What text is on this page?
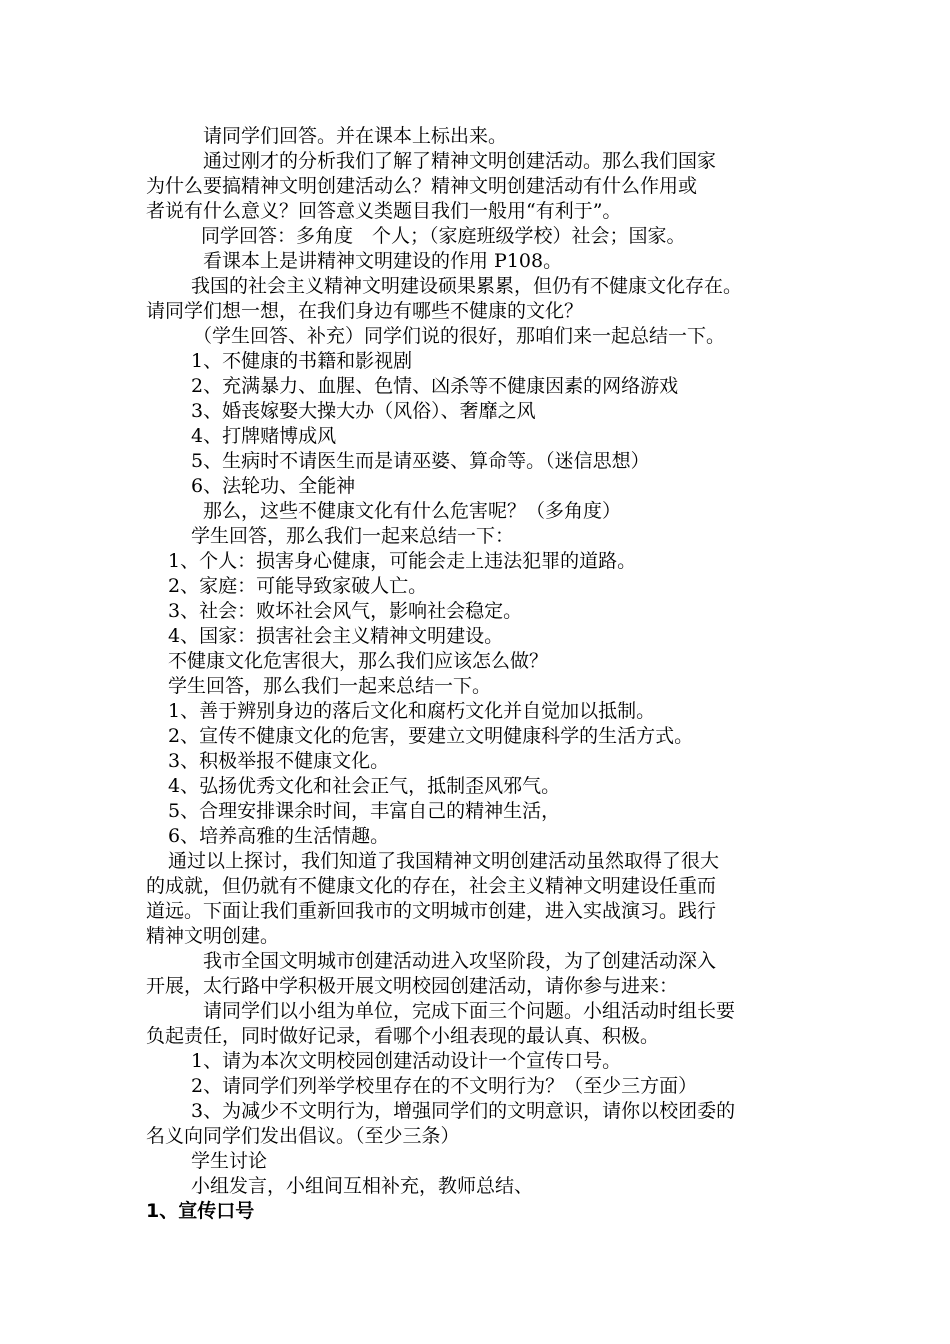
请同学们回答。并在课本上标出来。
通过刚才的分析我们了解了精神文明创建活动。那么我们国家
为什么要搞精神文明创建活动么？精神文明创建活动有什么作用或
者说有什么意义？回答意义类题目我们一般用“有利于”。
同学回答：多角度　个人；（家庭班级学校）社会；国家。
看课本上是讲精神文明建设的作用 P108。
我国的社会主义精神文明建设硕果累累，但仍有不健康文化存在。
请同学们想一想，在我们身边有哪些不健康的文化？
（学生回答、补充）同学们说的很好，那咱们来一起总结一下。
1、不健康的书籍和影视剧
2、充满暴力、血腥、色情、凶杀等不健康因素的网络游戏
3、婚丧嫁娶大操大办（风俗）、奢靡之风
4、打牌赌博成风
5、生病时不请医生而是请巫婆、算命等。（迷信思想）
6、法轮功、全能神
那么，这些不健康文化有什么危害呢？（多角度）
学生回答，那么我们一起来总结一下：
1、个人：损害身心健康，可能会走上违法犯罪的道路。
2、家庭：可能导致家破人亡。
3、社会：败坏社会风气，影响社会稳定。
4、国家：损害社会主义精神文明建设。
不健康文化危害很大，那么我们应该怎么做？
学生回答，那么我们一起来总结一下。
1、善于辨别身边的落后文化和腐朽文化并自觉加以抵制。
2、宣传不健康文化的危害，要建立文明健康科学的生活方式。
3、积极举报不健康文化。
4、弘扬优秀文化和社会正气，抵制歪风邪气。
5、合理安排课余时间，丰富自己的精神生活，
6、培养高雅的生活情趣。
通过以上探讨，我们知道了我国精神文明创建活动虽然取得了很大
的成就，但仍就有不健康文化的存在，社会主义精神文明建设任重而
道远。下面让我们重新回我市的文明城市创建，进入实战演习。践行
精神文明创建。
我市全国文明城市创建活动进入攻坚阶段，为了创建活动深入
开展，太行路中学积极开展文明校园创建活动，请你参与进来：
请同学们以小组为单位，完成下面三个问题。小组活动时组长要
负起责任，同时做好记录，看哪个小组表现的最认真、积极。
1、请为本次文明校园创建活动设计一个宣传口号。
2、请同学们列举学校里存在的不文明行为？（至少三方面）
3、为减少不文明行为，增强同学们的文明意识，请你以校团委的
名义向同学们发出倡议。（至少三条）
学生讨论
小组发言，小组间互相补充，教师总结、
1、宣传口号
